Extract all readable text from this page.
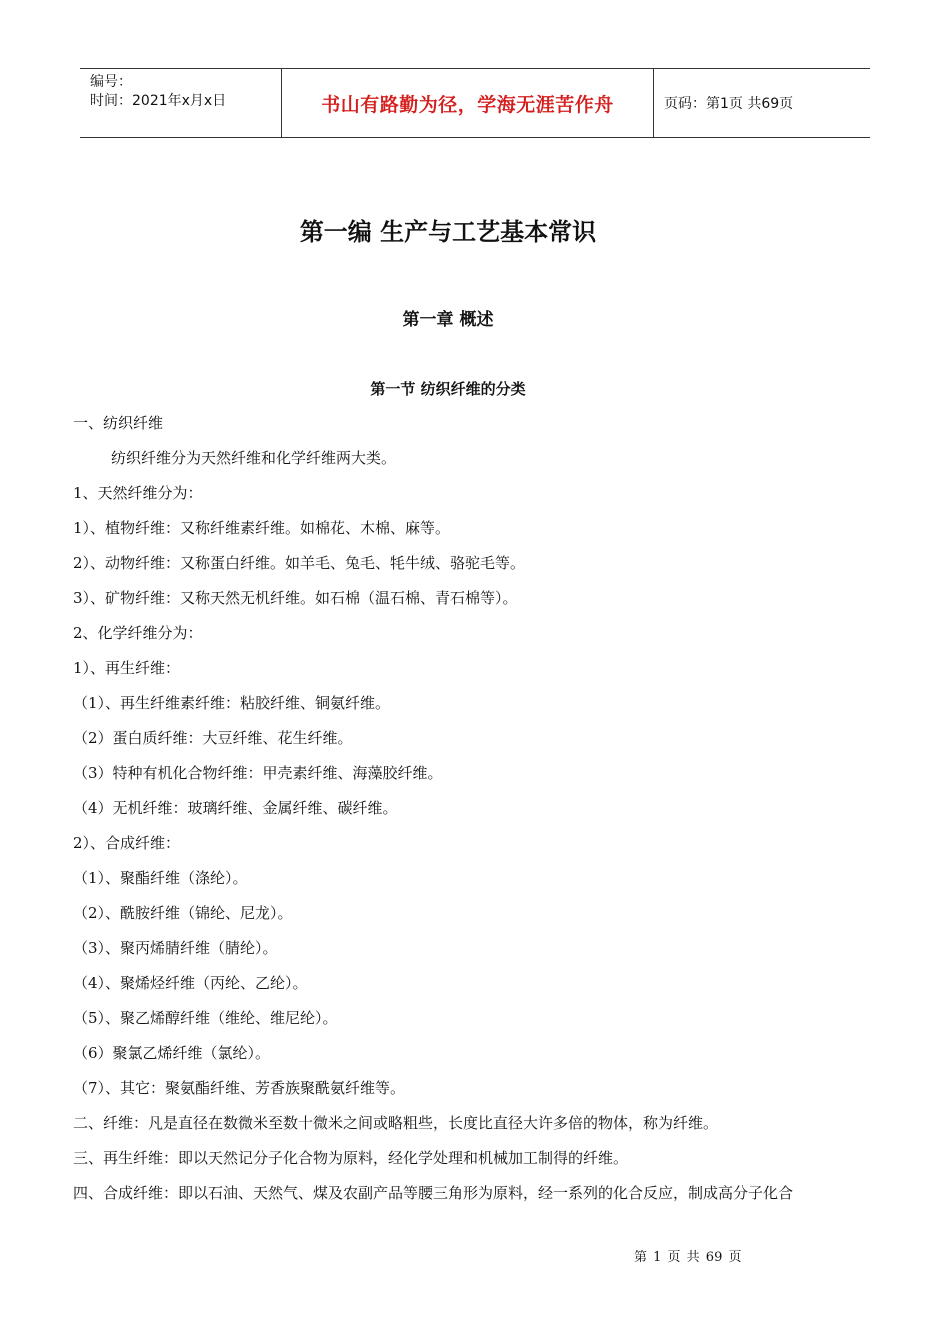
编号：
时间：2021年x月x日	书山有路勤为径，学海无涯苦作舟	页码：第1页 共69页
第一编 生产与工艺基本常识
第一章 概述
第一节 纺织纤维的分类
一、纺织纤维
纺织纤维分为天然纤维和化学纤维两大类。
1、天然纤维分为：
1）、植物纤维：又称纤维素纤维。如棉花、木棉、麻等。
2）、动物纤维：又称蛋白纤维。如羊毛、兔毛、牦牛绒、骆驼毛等。
3）、矿物纤维：又称天然无机纤维。如石棉（温石棉、青石棉等）。
2、化学纤维分为：
1）、再生纤维：
（1）、再生纤维素纤维：粘胶纤维、铜氨纤维。
（2）蛋白质纤维：大豆纤维、花生纤维。
（3）特种有机化合物纤维：甲壳素纤维、海藻胶纤维。
（4）无机纤维：玻璃纤维、金属纤维、碳纤维。
2）、合成纤维：
（1）、聚酯纤维（涤纶）。
（2）、酰胺纤维（锦纶、尼龙）。
（3）、聚丙烯腈纤维（腈纶）。
（4）、聚烯烃纤维（丙纶、乙纶）。
（5）、聚乙烯醇纤维（维纶、维尼纶）。
（6）聚氯乙烯纤维（氯纶）。
（7）、其它：聚氨酯纤维、芳香族聚酰氨纤维等。
二、纤维：凡是直径在数微米至数十微米之间或略粗些，长度比直径大许多倍的物体，称为纤维。
三、再生纤维：即以天然记分子化合物为原料，经化学处理和机械加工制得的纤维。
四、合成纤维：即以石油、天然气、煤及农副产品等腰三角形为原料，经一系列的化合反应，制成高分子化合
第 1 页 共 69 页
